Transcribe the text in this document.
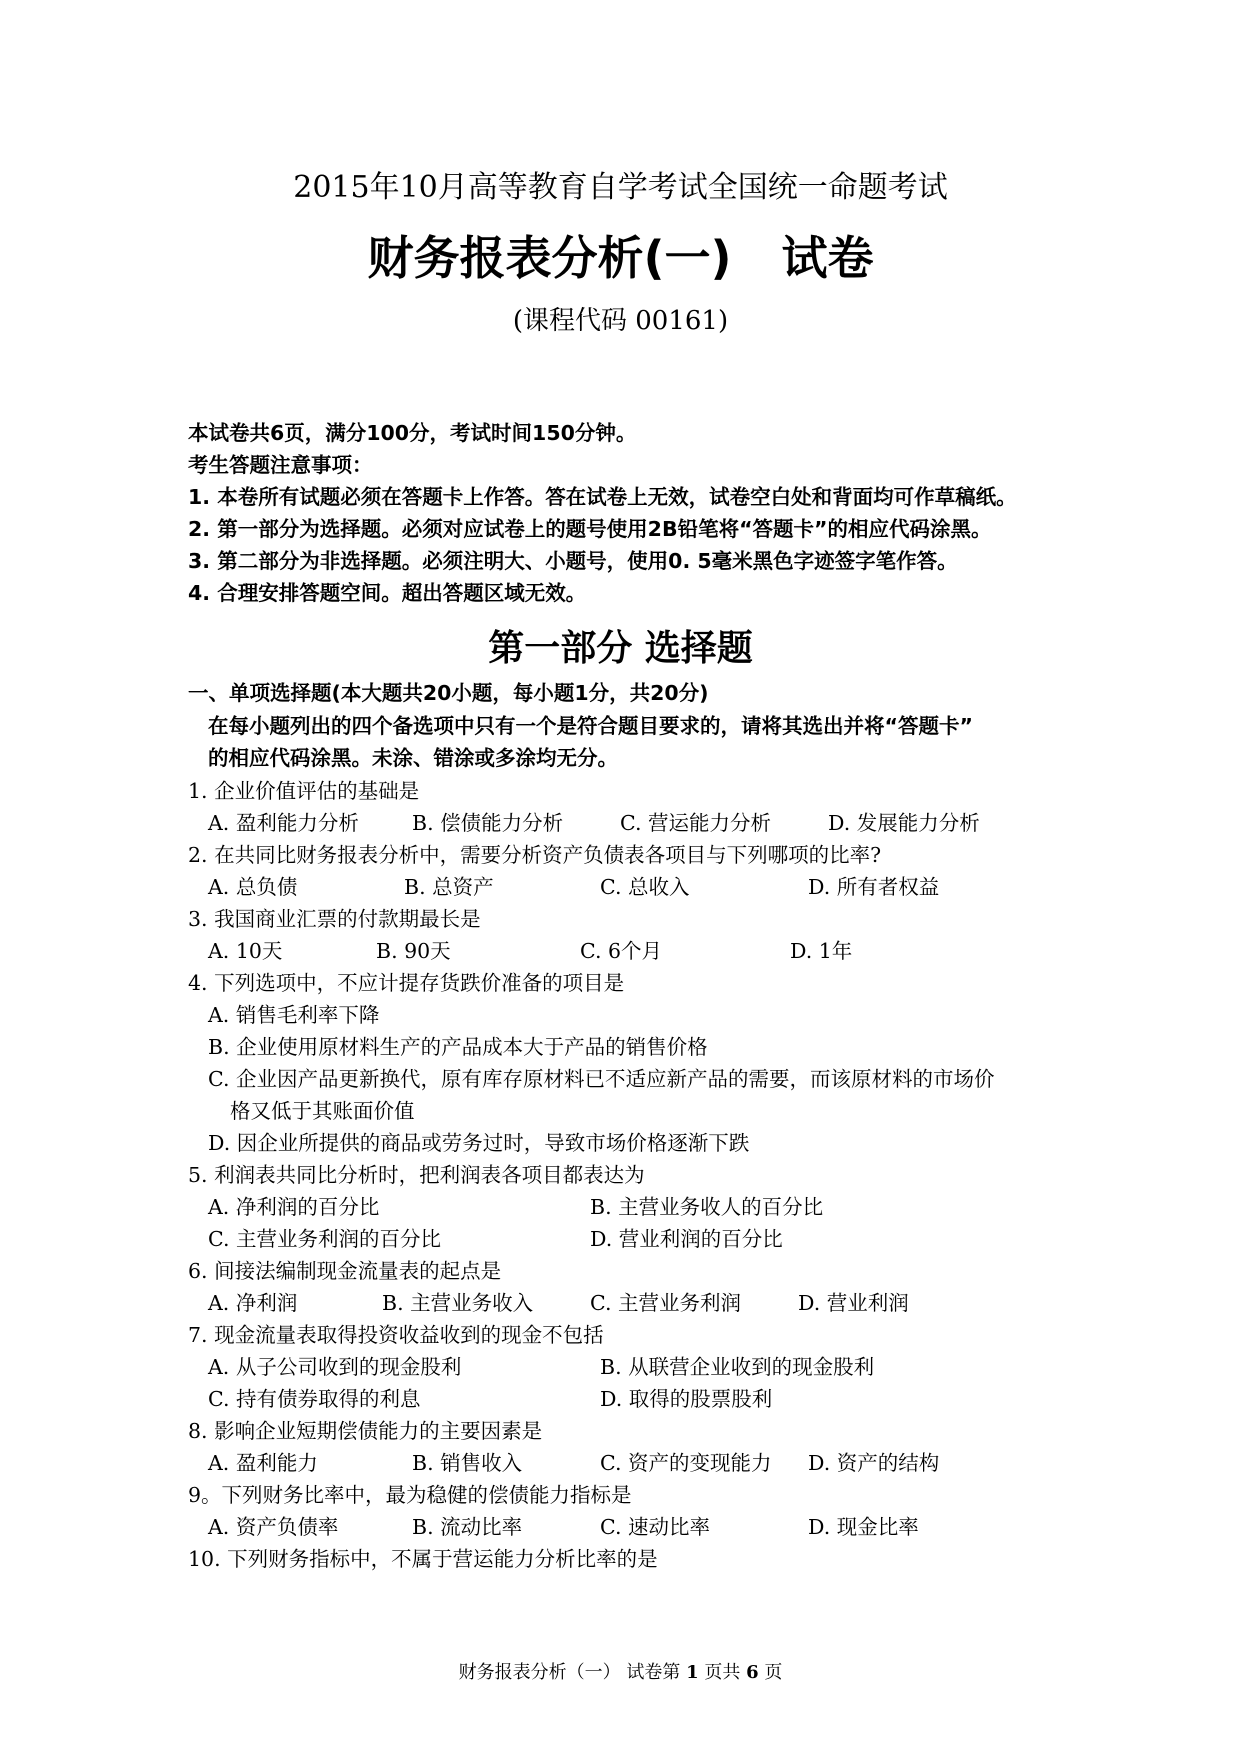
2015年10月高等教育自学考试全国统一命题考试
财务报表分析(一) 试卷
(课程代码 00161)
本试卷共6页，满分100分，考试时间150分钟。
考生答题注意事项：
1. 本卷所有试题必须在答题卡上作答。答在试卷上无效，试卷空白处和背面均可作草稿纸。
2. 第一部分为选择题。必须对应试卷上的题号使用2B铅笔将“答题卡”的相应代码涂黑。
3. 第二部分为非选择题。必须注明大、小题号，使用0. 5毫米黑色字迹签字笔作答。
4. 合理安排答题空间。超出答题区域无效。
第一部分 选择题
一、单项选择题(本大题共20小题，每小题1分，共20分)
在每小题列出的四个备选项中只有一个是符合题目要求的，请将其选出并将“答题卡”
的相应代码涂黑。未涂、错涂或多涂均无分。
1. 企业价值评估的基础是
A. 盈利能力分析	B. 偿债能力分析	C. 营运能力分析	D. 发展能力分析
2. 在共同比财务报表分析中，需要分析资产负债表各项目与下列哪项的比率?
A. 总负债	B. 总资产	C. 总收入	D. 所有者权益
3. 我国商业汇票的付款期最长是
A. 10天	B. 90天	C. 6个月	D. 1年
4. 下列选项中，不应计提存货跌价准备的项目是
A. 销售毛利率下降
B. 企业使用原材料生产的产品成本大于产品的销售价格
C. 企业因产品更新换代，原有库存原材料已不适应新产品的需要，而该原材料的市场价
格又低于其账面价值
D. 因企业所提供的商品或劳务过时，导致市场价格逐渐下跌
5. 利润表共同比分析时，把利润表各项目都表达为
A. 净利润的百分比	B. 主营业务收人的百分比
C. 主营业务利润的百分比	D. 营业利润的百分比
6. 间接法编制现金流量表的起点是
A. 净利润	B. 主营业务收入	C. 主营业务利润	D. 营业利润
7. 现金流量表取得投资收益收到的现金不包括
A. 从子公司收到的现金股利	B. 从联营企业收到的现金股利
C. 持有债券取得的利息	D. 取得的股票股利
8. 影响企业短期偿债能力的主要因素是
A. 盈利能力	B. 销售收入	C. 资产的变现能力 D. 资产的结构
9。下列财务比率中，最为稳健的偿债能力指标是
A. 资产负债率	B. 流动比率	C. 速动比率	D. 现金比率
10. 下列财务指标中，不属于营运能力分析比率的是
财务报表分析（一） 试卷第 1 页共 6 页
